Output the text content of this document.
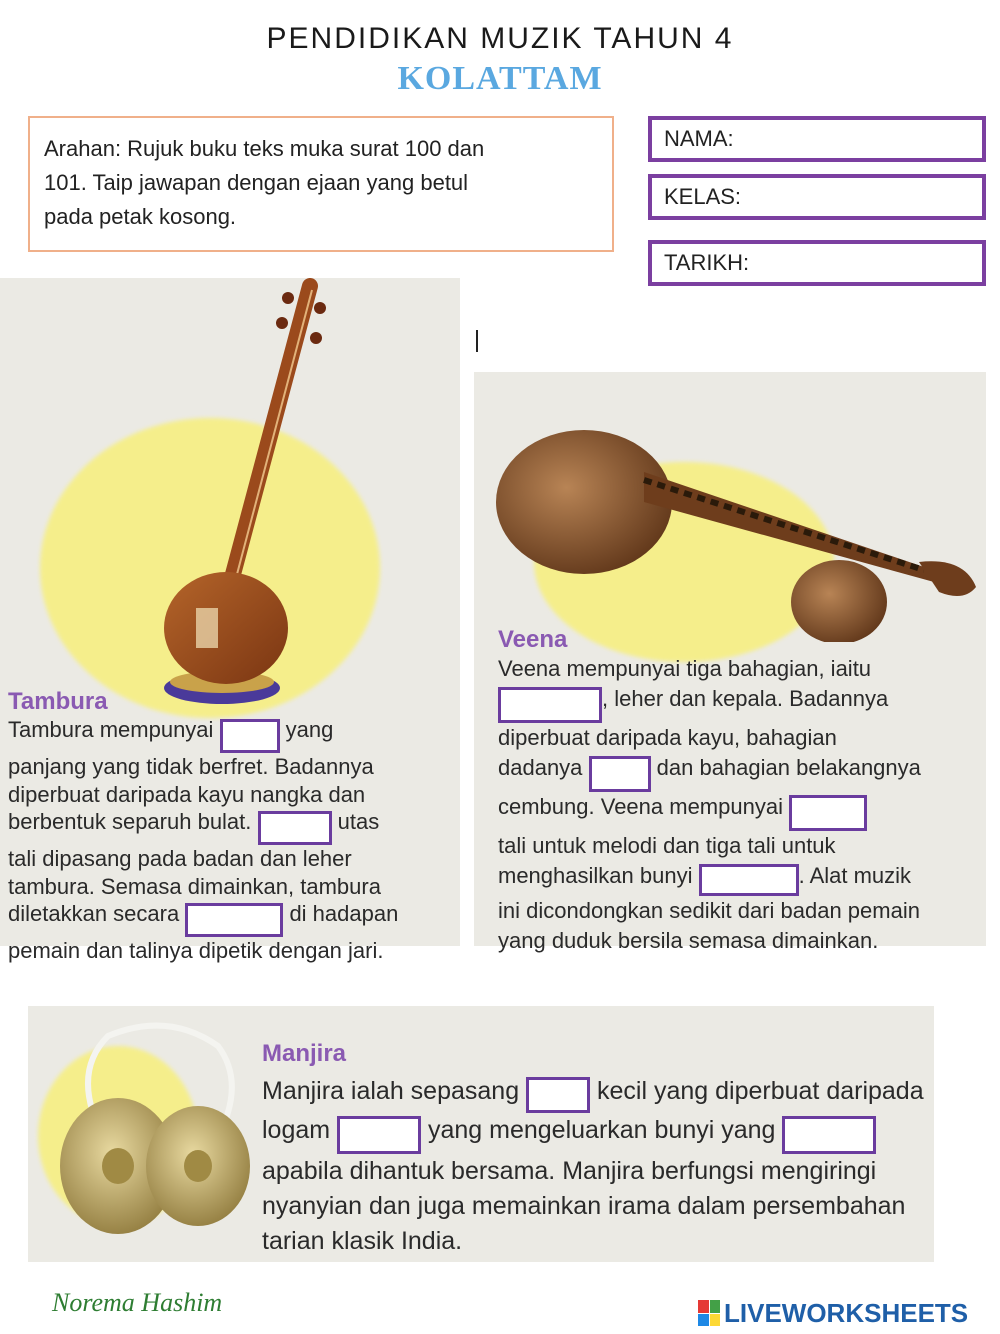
PENDIDIKAN MUZIK TAHUN 4
KOLATTAM
Arahan: Rujuk buku teks muka surat 100 dan
101. Taip jawapan dengan ejaan yang betul
pada petak kosong.
NAMA:
KELAS:
TARIKH:
Tambura
Tambura mempunyai	yang
panjang yang tidak berfret. Badannya
diperbuat daripada kayu nangka dan
berbentuk separuh bulat.	utas
tali dipasang pada badan dan leher
tambura. Semasa dimainkan, tambura
diletakkan secara	di hadapan
pemain dan talinya dipetik dengan jari.
Veena
Veena mempunyai tiga bahagian, iaitu
, leher dan kepala. Badannya
diperbuat daripada kayu, bahagian
dadanya	dan bahagian belakangnya
cembung. Veena mempunyai
tali untuk melodi dan tiga tali untuk
menghasilkan bunyi	. Alat muzik
ini dicondongkan sedikit dari badan pemain
yang duduk bersila semasa dimainkan.
Manjira
Manjira ialah sepasang	kecil yang diperbuat daripada
logam	yang mengeluarkan bunyi yang
apabila dihantuk bersama. Manjira berfungsi mengiringi
nyanyian dan juga memainkan irama dalam persembahan
tarian klasik India.
Norema Hashim	LIVEWORKSHEETS
